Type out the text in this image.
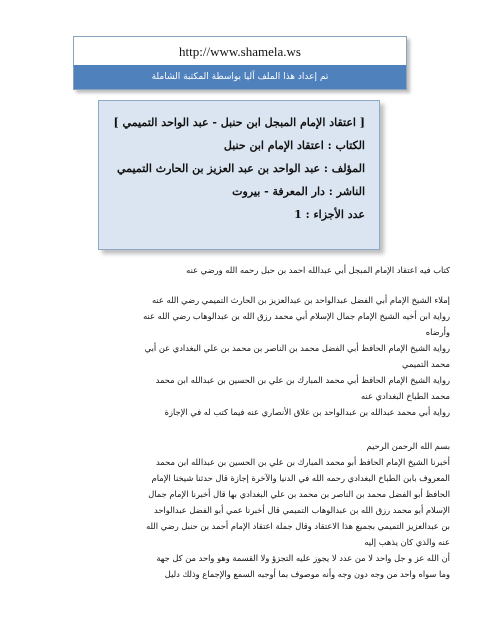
http://www.shamela.ws
تم إعداد هذا الملف آليا بواسطة المكتبة الشاملة
[ اعتقاد الإمام المبجل ابن حنبل - عبد الواحد التميمي ]
الكتاب : اعتقاد الإمام ابن حنبل
المؤلف : عبد الواحد بن عبد العزيز بن الحارث التميمي
الناشر : دار المعرفة - بيروت
عدد الأجزاء : 1

كتاب فيه اعتقاد الإمام المبجل أبي عبدالله احمد بن حبل رحمه الله ورضي عنه

إملاء الشيخ الإمام أبي الفضل عبدالواحد بن عبدالعزيز بن الحارث التميمي رضي الله عنه

رواية ابن أخيه الشيخ الإمام جمال الإسلام أبي محمد رزق الله بن عبدالوهاب رضي الله عنه

وأرضاه

رواية الشيخ الإمام الحافظ أبي الفضل محمد بن الناصر بن محمد بن علي البغدادي عن أبي

محمد التميمي

رواية الشيخ الإمام الحافظ أبي محمد المبارك بن علي بن الحسين بن عبدالله ابن محمد

محمد الطباخ البغدادي عنه

رواية أبي محمد عبدالله بن عبدالواحد بن علاق الأنصاري عنه فيما كتب له في الإجازة

بسم الله الرحمن الرحيم

أخبرنا الشيخ الإمام الحافظ أبو محمد المبارك بن علي بن الحسين بن عبدالله ابن محمد

المعروف بابن الطباخ البغدادي رحمه الله في الدنيا والآخرة إجازة قال حدثنا شيخنا الإمام

الحافظ أبو الفضل محمد بن الناصر بن محمد بن علي البغدادي بها قال أخبرنا الإمام جمال

الإسلام أبو محمد رزق الله بن عبدالوهاب التميمي قال أخبرنا عمي أبو الفضل عبدالواحد

بن عبدالعزيز التميمي بجميع هذا الاعتقاد وقال جملة اعتقاد الإمام أحمد بن حنبل رضي الله

عنه والذي كان يذهب إليه

أن الله عز و جل واحد لا من عدد لا يجوز عليه التجزؤ ولا القسمة وهو واحد من كل جهة

وما سواه واحد من وجه دون وجه وأنه موصوف بما أوجبه السمع والإجماع وذلك دليل
